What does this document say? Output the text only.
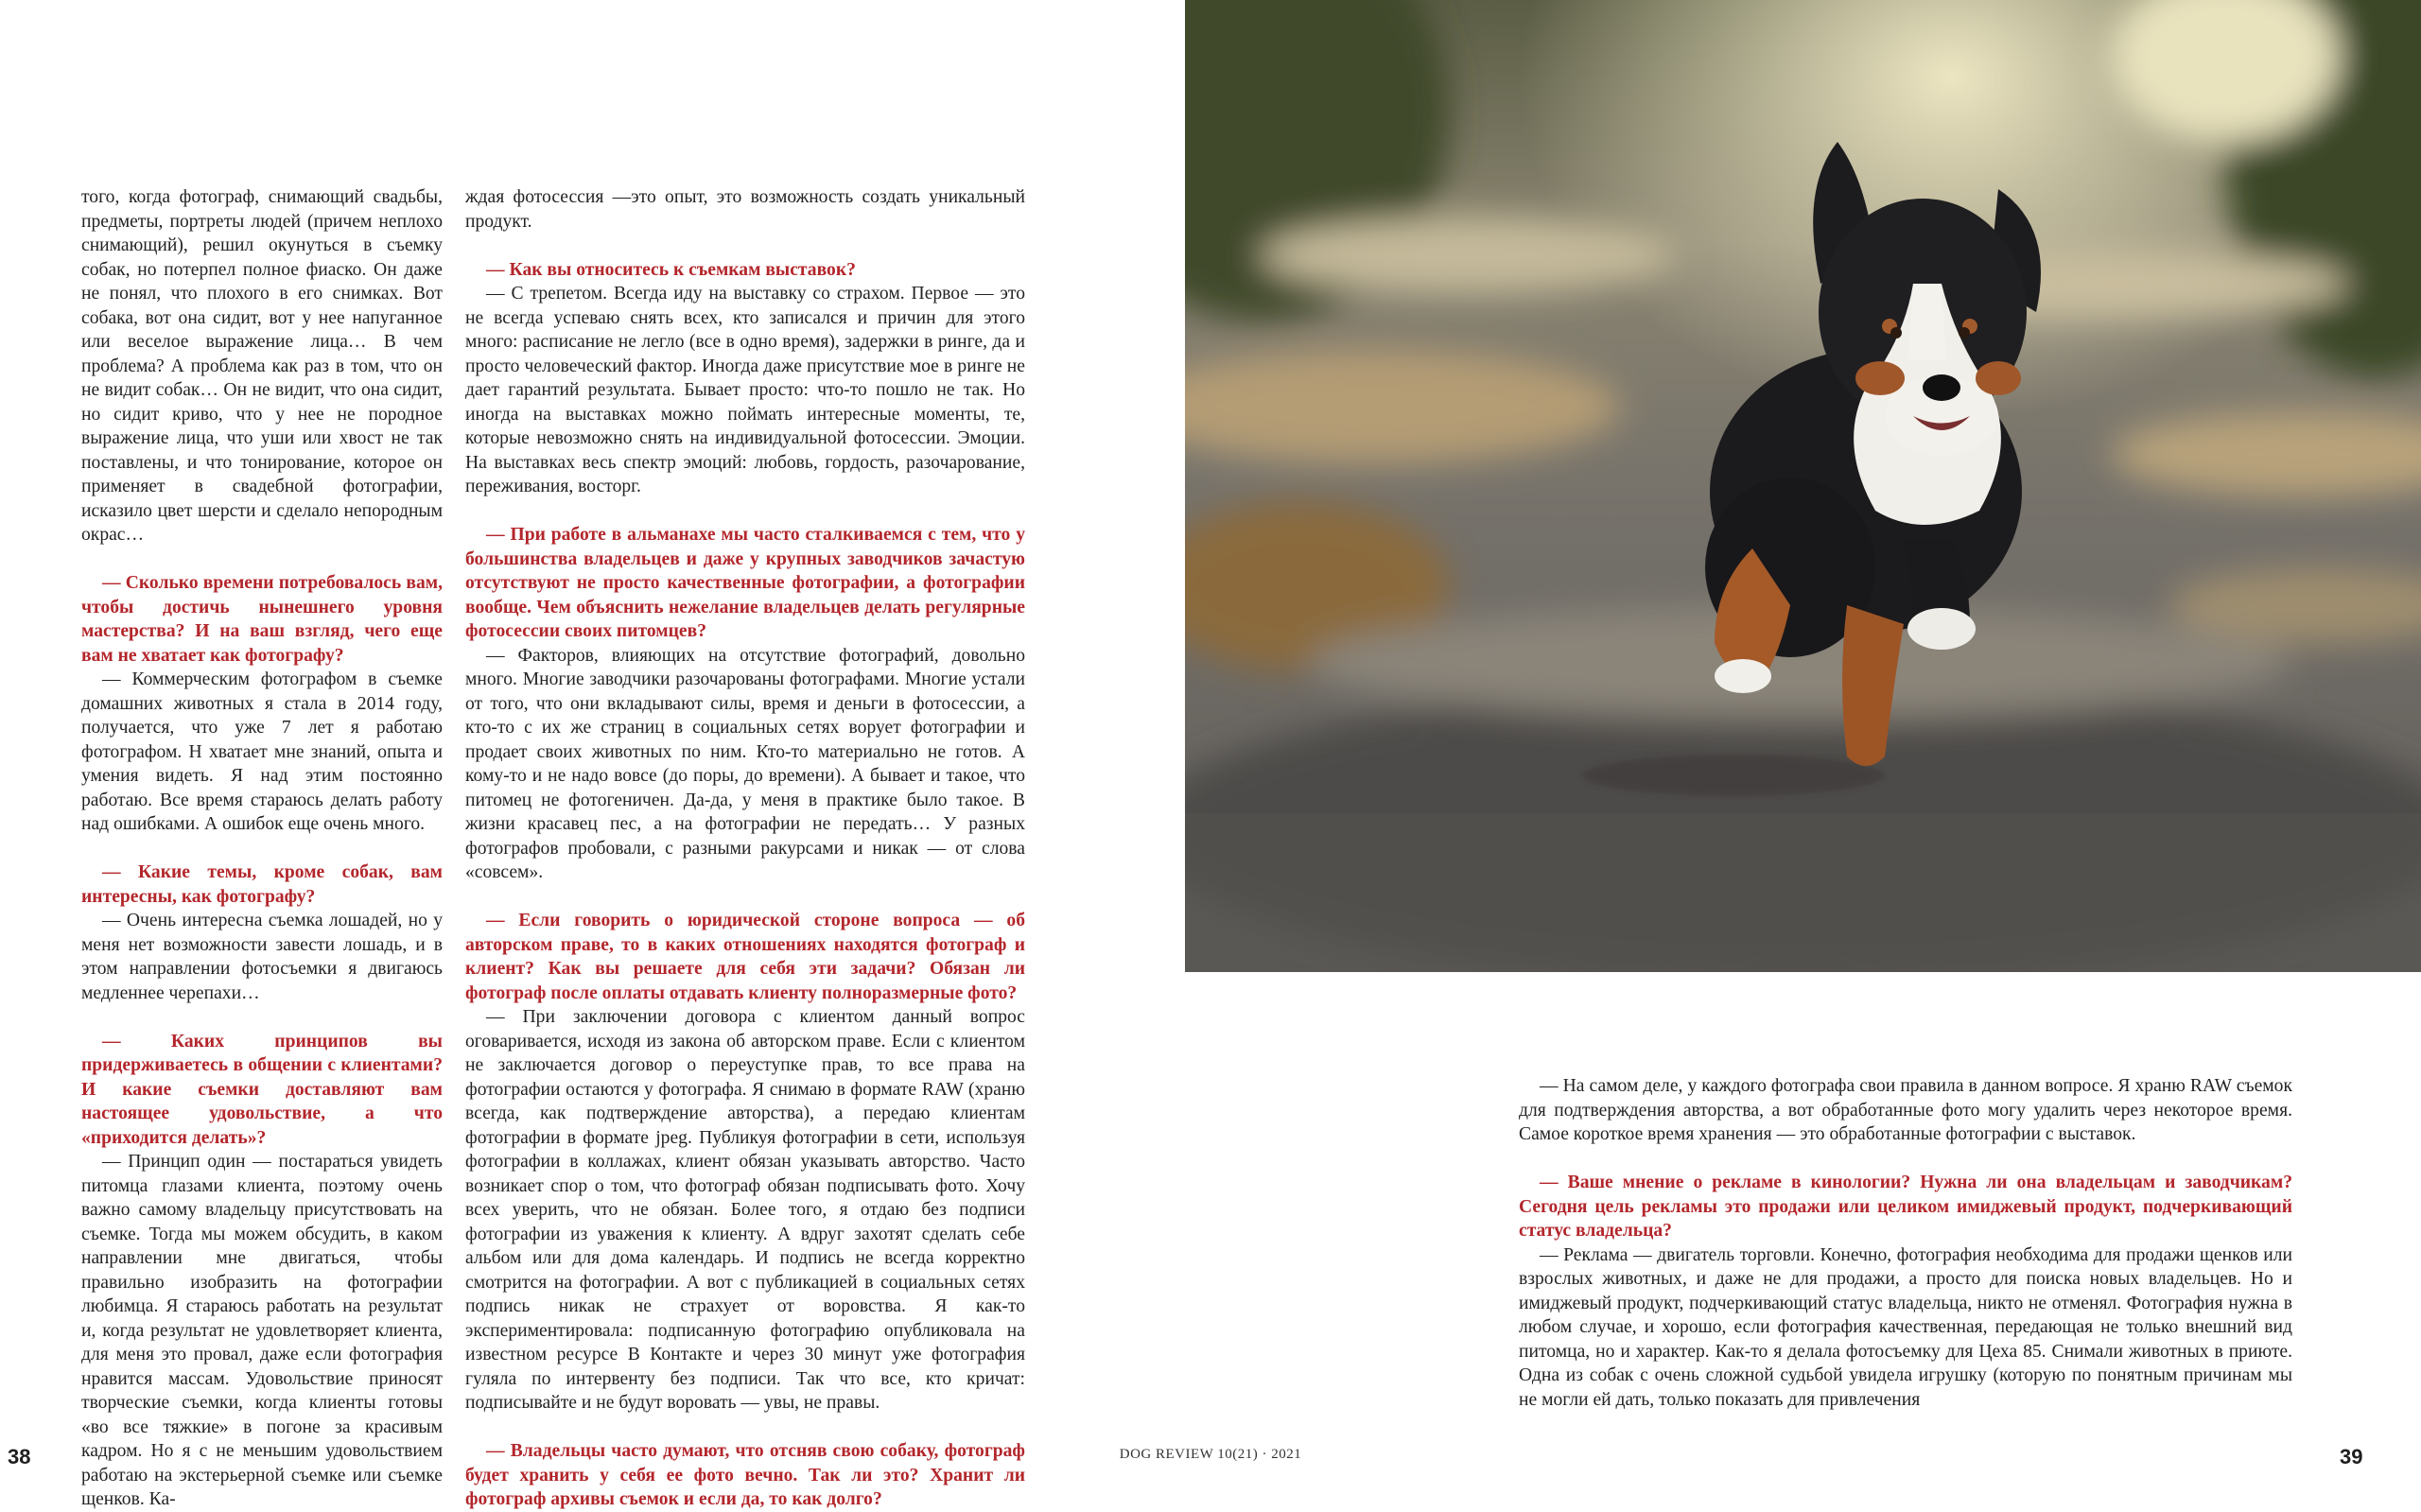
того, когда фотограф, снимающий свадьбы, предметы, портреты людей (причем неплохо снимающий), решил окунуться в съемку собак, но потерпел полное фиаско. Он даже не понял, что плохого в его снимках. Вот собака, вот она сидит, вот у нее напуганное или веселое выражение лица… В чем проблема? А проблема как раз в том, что он не видит собак… Он не видит, что она сидит, но сидит криво, что у нее не породное выражение лица, что уши или хвост не так поставлены, и что тонирование, которое он применяет в свадебной фотографии, исказило цвет шерсти и сделало непородным окрас…

— Сколько времени потребовалось вам, чтобы достичь нынешнего уровня мастерства? И на ваш взгляд, чего еще вам не хватает как фотографу?

— Коммерческим фотографом в съемке домашних животных я стала в 2014 году, получается, что уже 7 лет я работаю фотографом. Н хватает мне знаний, опыта и умения видеть. Я над этим постоянно работаю. Все время стараюсь делать работу над ошибками. А ошибок еще очень много.

— Какие темы, кроме собак, вам интересны, как фотографу?

— Очень интересна съемка лошадей, но у меня нет возможности завести лошадь, и в этом направлении фотосъемки я двигаюсь медленнее черепахи…

— Каких принципов вы придерживаетесь в общении с клиентами? И какие съемки доставляют вам настоящее удовольствие, а что «приходится делать»?

— Принцип один — постараться увидеть питомца глазами клиента, поэтому очень важно самому владельцу присутствовать на съемке. Тогда мы можем обсудить, в каком направлении мне двигаться, чтобы правильно изобразить на фотографии любимца. Я стараюсь работать на результат и, когда результат не удовлетворяет клиента, для меня это провал, даже если фотография нравится массам. Удовольствие приносят творческие съемки, когда клиенты готовы «во все тяжкие» в погоне за красивым кадром. Но я с не меньшим удовольствием работаю на экстерьерной съемке или съемке щенков. Ка-

ждая фотосессия —это опыт, это возможность создать уникальный продукт.

— Как вы относитесь к съемкам выставок?

— С трепетом. Всегда иду на выставку со страхом. Первое — это не всегда успеваю снять всех, кто записался и причин для этого много: расписание не легло (все в одно время), задержки в ринге, да и просто человеческий фактор. Иногда даже присутствие мое в ринге не дает гарантий результата. Бывает просто: что-то пошло не так. Но иногда на выставках можно поймать интересные моменты, те, которые невозможно снять на индивидуальной фотосессии. Эмоции. На выставках весь спектр эмоций: любовь, гордость, разочарование, переживания, восторг.

— При работе в альманахе мы часто сталкиваемся с тем, что у большинства владельцев и даже у крупных заводчиков зачастую отсутствуют не просто качественные фотографии, а фотографии вообще. Чем объяснить нежелание владельцев делать регулярные фотосессии своих питомцев?

— Факторов, влияющих на отсутствие фотографий, довольно много. Многие заводчики разочарованы фотографами. Многие устали от того, что они вкладывают силы, время и деньги в фотосессии, а кто-то с их же страниц в социальных сетях ворует фотографии и продает своих животных по ним. Кто-то материально не готов. А кому-то и не надо вовсе (до поры, до времени). А бывает и такое, что питомец не фотогеничен. Да-да, у меня в практике было такое. В жизни красавец пес, а на фотографии не передать… У разных фотографов пробовали, с разными ракурсами и никак — от слова «совсем».

— Если говорить о юридической стороне вопроса — об авторском праве, то в каких отношениях находятся фотограф и клиент? Как вы решаете для себя эти задачи? Обязан ли фотограф после оплаты отдавать клиенту полноразмерные фото?

— При заключении договора с клиентом данный вопрос оговаривается, исходя из закона об авторском праве. Если с клиентом не заключается договор о переуступке прав, то все права на фотографии остаются у фотографа. Я снимаю в формате RAW (храню всегда, как подтверждение авторства), а передаю клиентам фотографии в формате jpeg. Публикуя фотографии в сети, используя фотографии в коллажах, клиент обязан указывать авторство. Часто возникает спор о том, что фотограф обязан подписывать фото. Хочу всех уверить, что не обязан. Более того, я отдаю без подписи фотографии из уважения к клиенту. А вдруг захотят сделать себе альбом или для дома календарь. И подпись не всегда корректно смотрится на фотографии. А вот с публикацией в социальных сетях подпись никак не страхует от воровства. Я как-то экспериментировала: подписанную фотографию опубликовала на известном ресурсе В Контакте и через 30 минут уже фотография гуляла по интервенту без подписи. Так что все, кто кричат: подписывайте и не будут воровать — увы, не правы.

— Владельцы часто думают, что отсняв свою собаку, фотограф будет хранить у себя ее фото вечно. Так ли это? Хранит ли фотограф архивы съемок и если да, то как долго?

— На самом деле, у каждого фотографа свои правила в данном вопросе. Я храню RAW съемок для подтверждения авторства, а вот обработанные фото могу удалить через некоторое время. Самое короткое время хранения — это обработанные фотографии с выставок.

— Ваше мнение о рекламе в кинологии? Нужна ли она владельцам и заводчикам? Сегодня цель рекламы это продажи или целиком имиджевый продукт, подчеркивающий статус владельца?

— Реклама — двигатель торговли. Конечно, фотография необходима для продажи щенков или взрослых животных, и даже не для продажи, а просто для поиска новых владельцев. Но и имиджевый продукт, подчеркивающий статус владельца, никто не отменял. Фотография нужна в любом случае, и хорошо, если фотография качественная, передающая не только внешний вид питомца, но и характер. Как-то я делала фотосъемку для Цеха 85. Снимали животных в приюте. Одна из собак с очень сложной судьбой увидела игрушку (которую по понятным причинам мы не могли ей дать, только показать для привлечения

38	39
DOG REVIEW 10(21) · 2021
